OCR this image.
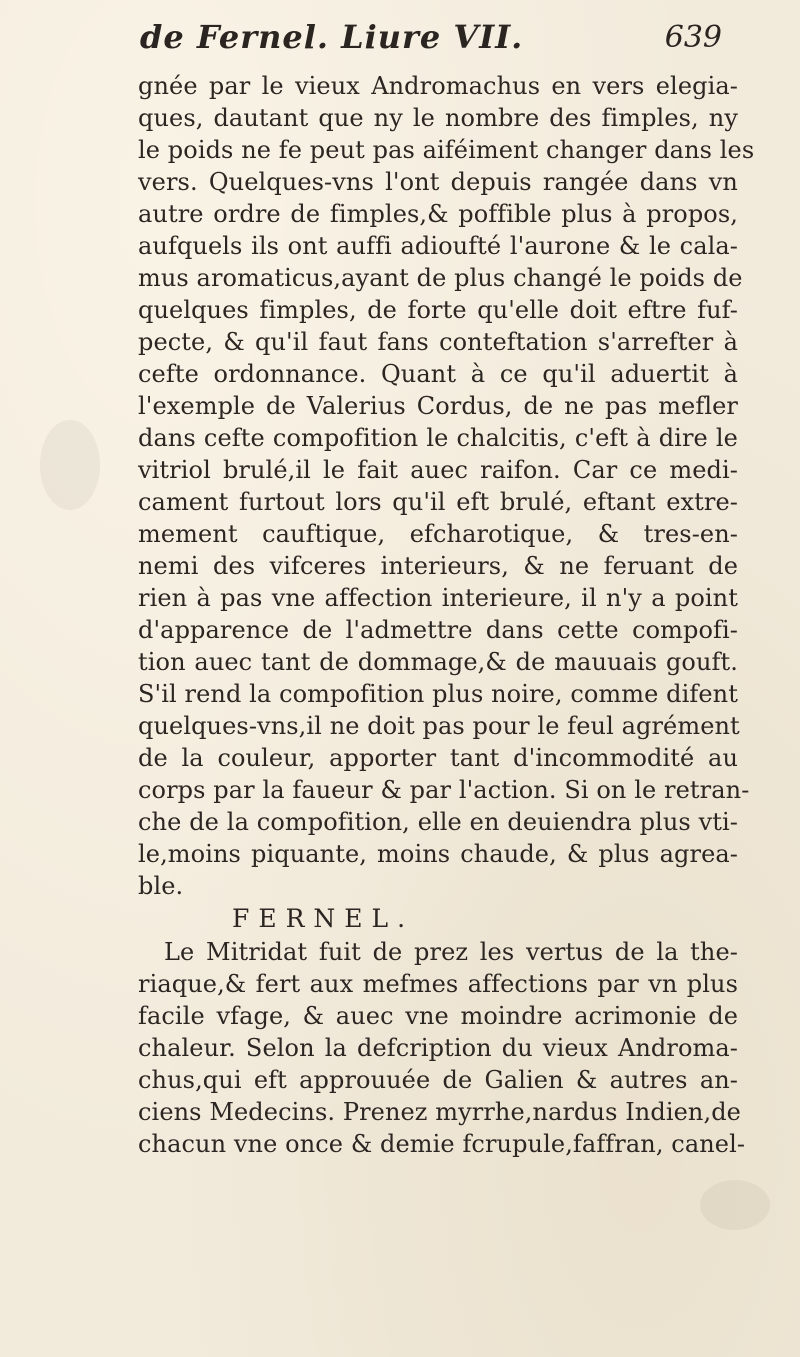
de Fernel. Liure VII.	639
gnée par le vieux Andromachus en vers elegia-
ques, dautant que ny le nombre des fimples, ny
le poids ne fe peut pas aiféiment changer dans les
vers. Quelques-vns l'ont depuis rangée dans vn
autre ordre de fimples,& poffible plus à propos,
aufquels ils ont auffi adioufté l'aurone & le cala-
mus aromaticus,ayant de plus changé le poids de
quelques fimples, de forte qu'elle doit eftre fuf-
pecte, & qu'il faut fans conteftation s'arrefter à
cefte ordonnance. Quant à ce qu'il aduertit à
l'exemple de Valerius Cordus, de ne pas mefler
dans cefte compofition le chalcitis, c'eft à dire le
vitriol brulé,il le fait auec raifon. Car ce medi-
cament furtout lors qu'il eft brulé, eftant extre-
mement cauftique, efcharotique, & tres-en-
nemi des vifceres interieurs, & ne feruant de
rien à pas vne affection interieure, il n'y a point
d'apparence de l'admettre dans cette compofi-
tion auec tant de dommage,& de mauuais gouft.
S'il rend la compofition plus noire, comme difent
quelques-vns,il ne doit pas pour le feul agrément
de la couleur, apporter tant d'incommodité au
corps par la faueur & par l'action. Si on le retran-
che de la compofition, elle en deuiendra plus vti-
le,moins piquante, moins chaude, & plus agrea-
ble.
FERNEL.
Le Mitridat fuit de prez les vertus de la the-
riaque,& fert aux mefmes affections par vn plus
facile vfage, & auec vne moindre acrimonie de
chaleur. Selon la defcription du vieux Androma-
chus,qui eft approuuée de Galien & autres an-
ciens Medecins. Prenez myrrhe,nardus Indien,de
chacun vne once & demie fcrupule,faffran, canel-
